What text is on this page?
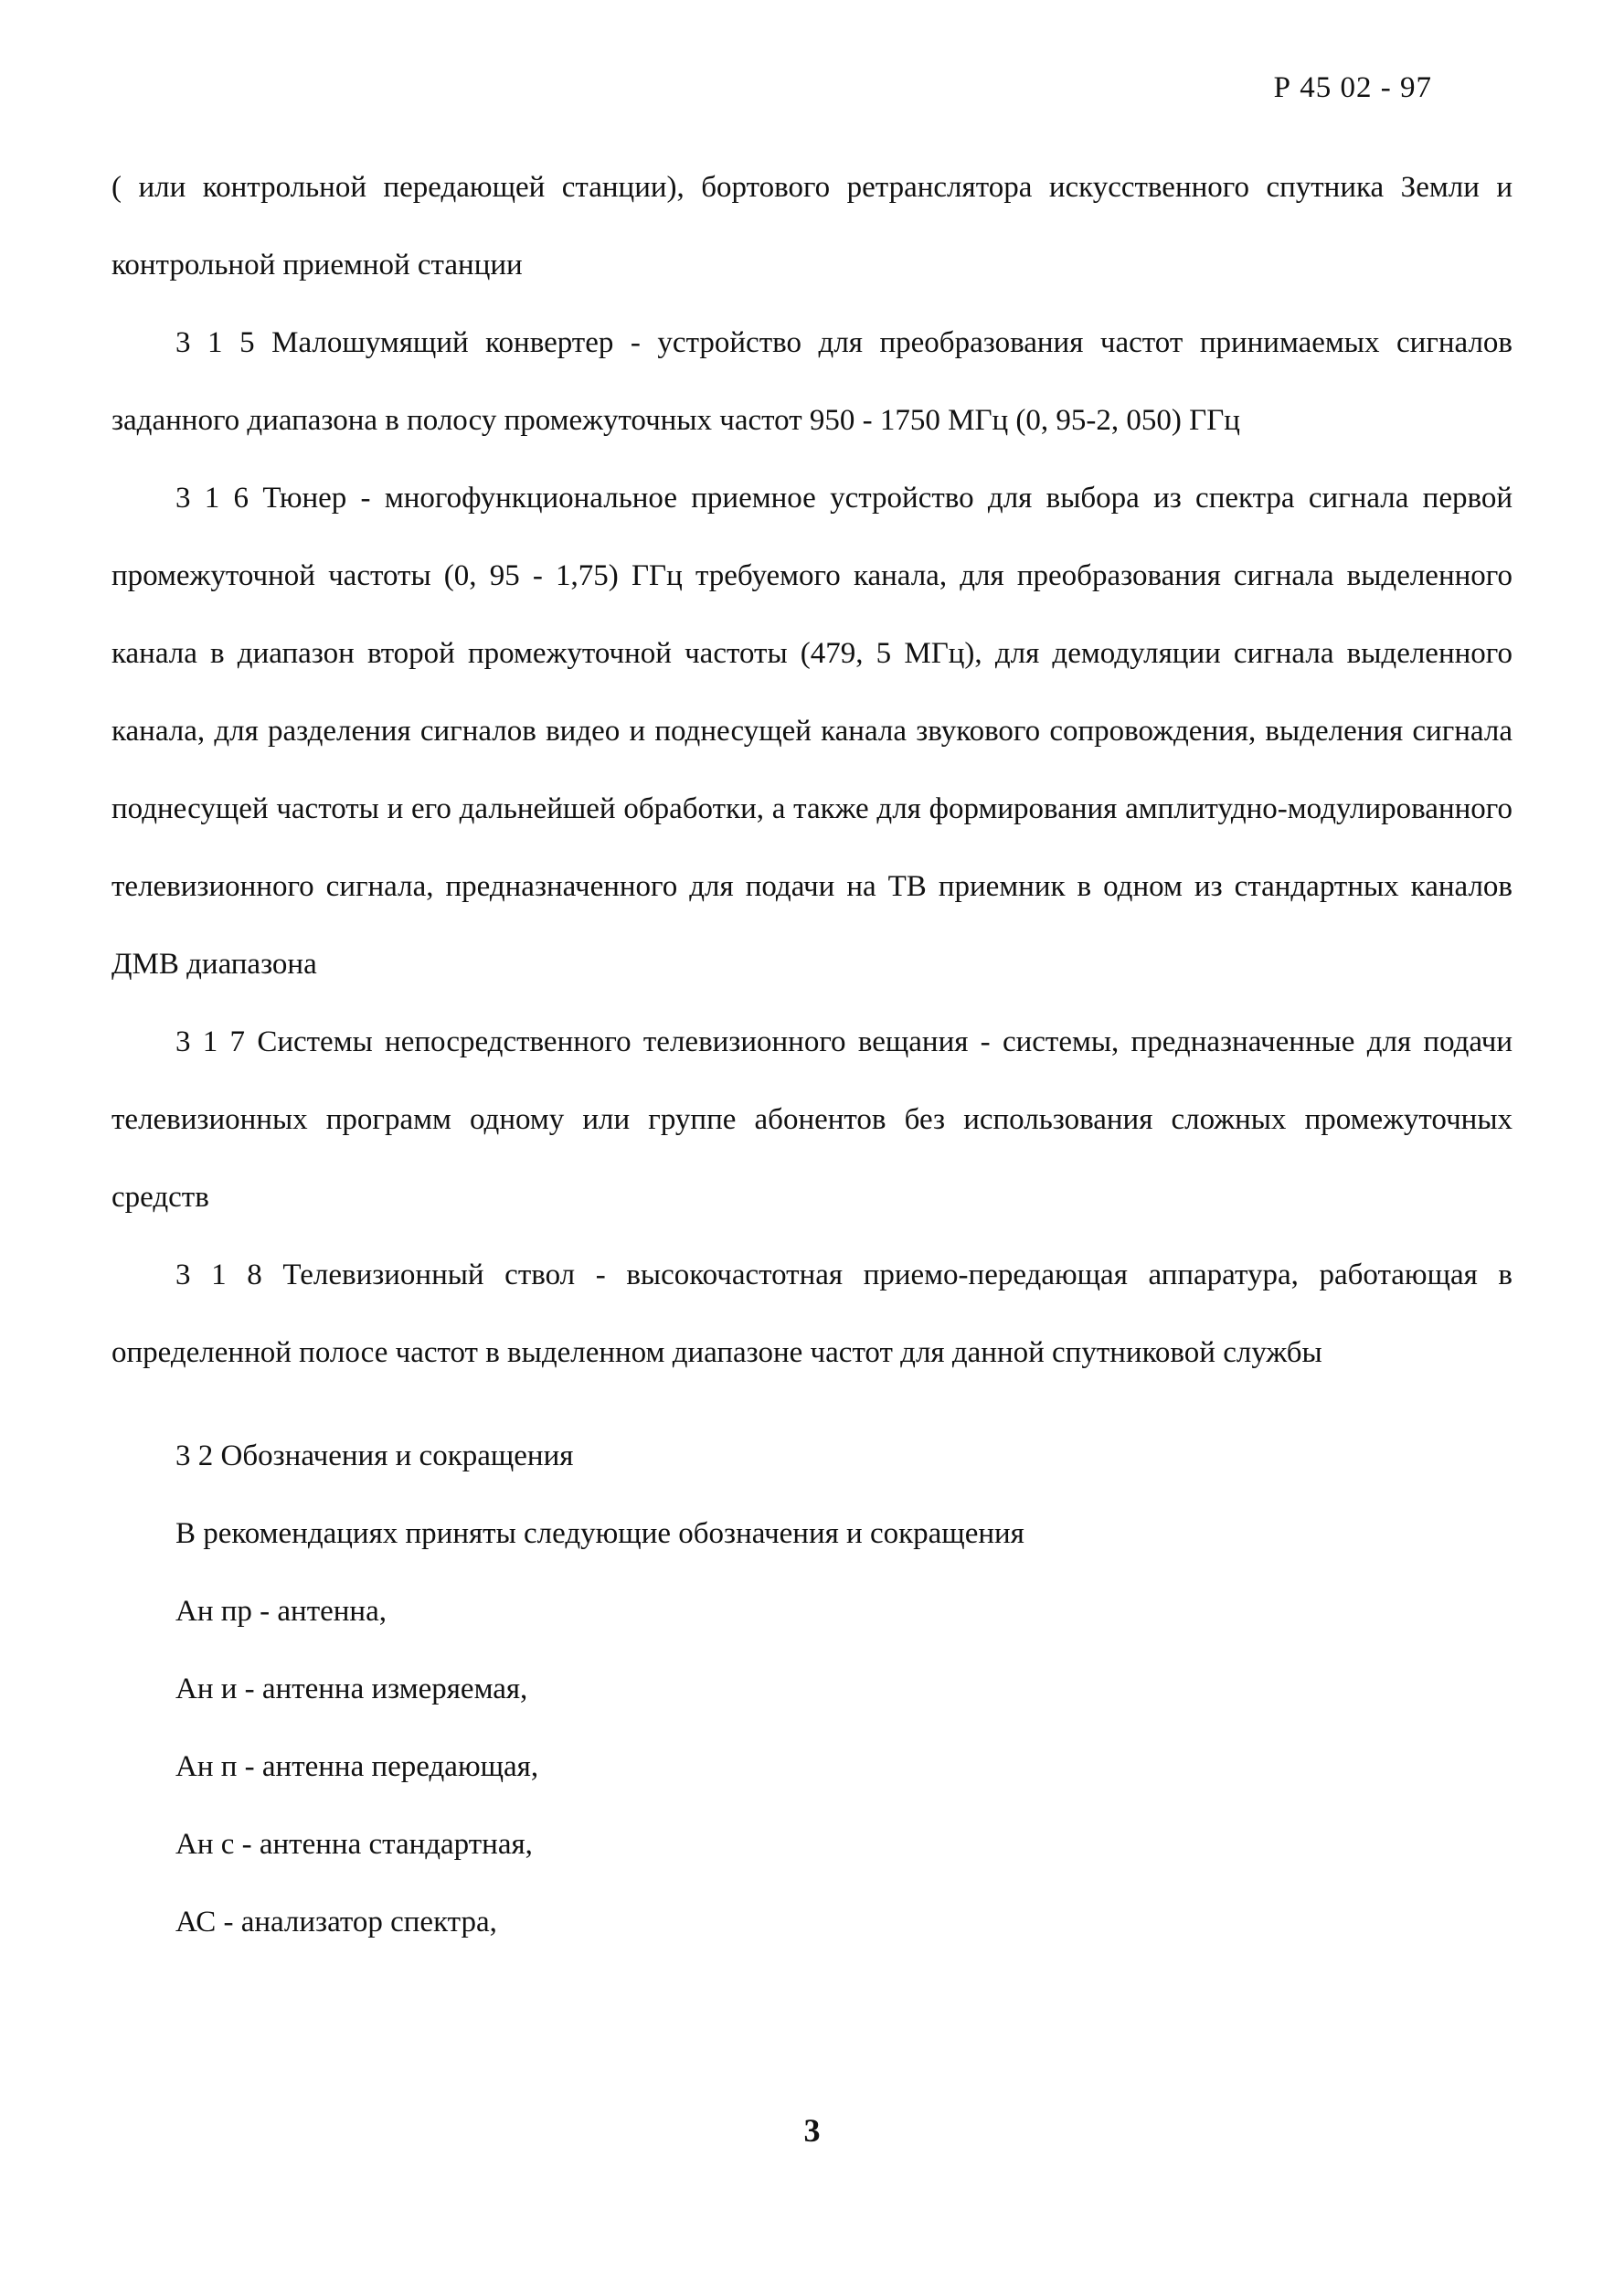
Р 45 02 - 97

( или контрольной передающей станции), бортового ретранслятора искусственного спутника Земли и контрольной приемной станции

3 1 5 Малошумящий конвертер - устройство для преобразования частот принимаемых сигналов заданного диапазона в полосу промежуточных частот 950 - 1750 МГц (0, 95-2, 050) ГГц

3 1 6 Тюнер - многофункциональное приемное устройство для выбора из спектра сигнала первой промежуточной частоты (0, 95 - 1,75) ГГц требуемого канала, для преобразования сигнала выделенного канала в диапазон второй промежуточной частоты (479, 5 МГц), для демодуляции сигнала выделенного канала, для разделения сигналов видео и поднесущей канала звукового сопровождения, выделения сигнала поднесущей частоты и его дальнейшей обработки, а также для формирования амплитудно-модулированного телевизионного сигнала, предназначенного для подачи на ТВ приемник в одном из стандартных каналов ДМВ диапазона

3 1 7 Системы непосредственного телевизионного вещания - системы, предназначенные для подачи телевизионных программ одному или группе абонентов без использования сложных промежуточных средств

3 1 8 Телевизионный ствол - высокочастотная приемо-передающая аппаратура, работающая в определенной полосе частот в выделенном диапазоне частот для данной спутниковой службы

3 2 Обозначения и сокращения

В рекомендациях приняты следующие обозначения и сокращения

Ан пр - антенна,

Ан и - антенна измеряемая,

Ан п - антенна передающая,

Ан с - антенна стандартная,

АС - анализатор спектра,

3
